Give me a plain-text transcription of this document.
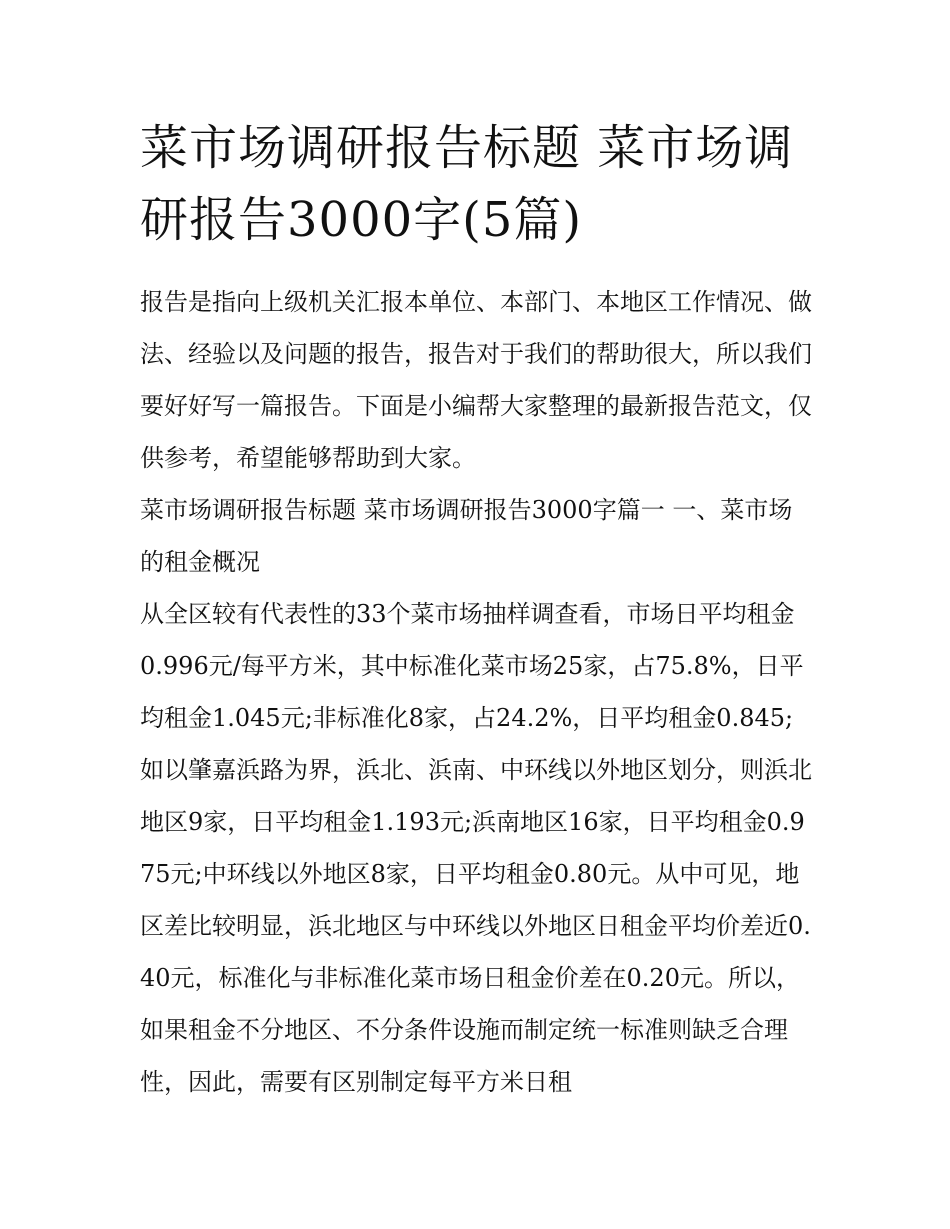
菜市场调研报告标题 菜市场调研报告3000字(5篇)

报告是指向上级机关汇报本单位、本部门、本地区工作情况、做法、经验以及问题的报告，报告对于我们的帮助很大，所以我们要好好写一篇报告。下面是小编帮大家整理的最新报告范文，仅供参考，希望能够帮助到大家。

菜市场调研报告标题 菜市场调研报告3000字篇一 一、菜市场的租金概况

从全区较有代表性的33个菜市场抽样调查看，市场日平均租金0.996元/每平方米，其中标准化菜市场25家，占75.8%，日平均租金1.045元;非标准化8家，占24.2%，日平均租金0.845;如以肇嘉浜路为界，浜北、浜南、中环线以外地区划分，则浜北地区9家，日平均租金1.193元;浜南地区16家，日平均租金0.975元;中环线以外地区8家，日平均租金0.80元。从中可见，地区差比较明显，浜北地区与中环线以外地区日租金平均价差近0.40元，标准化与非标准化菜市场日租金价差在0.20元。所以，如果租金不分地区、不分条件设施而制定统一标准则缺乏合理性，因此，需要有区别制定每平方米日租
